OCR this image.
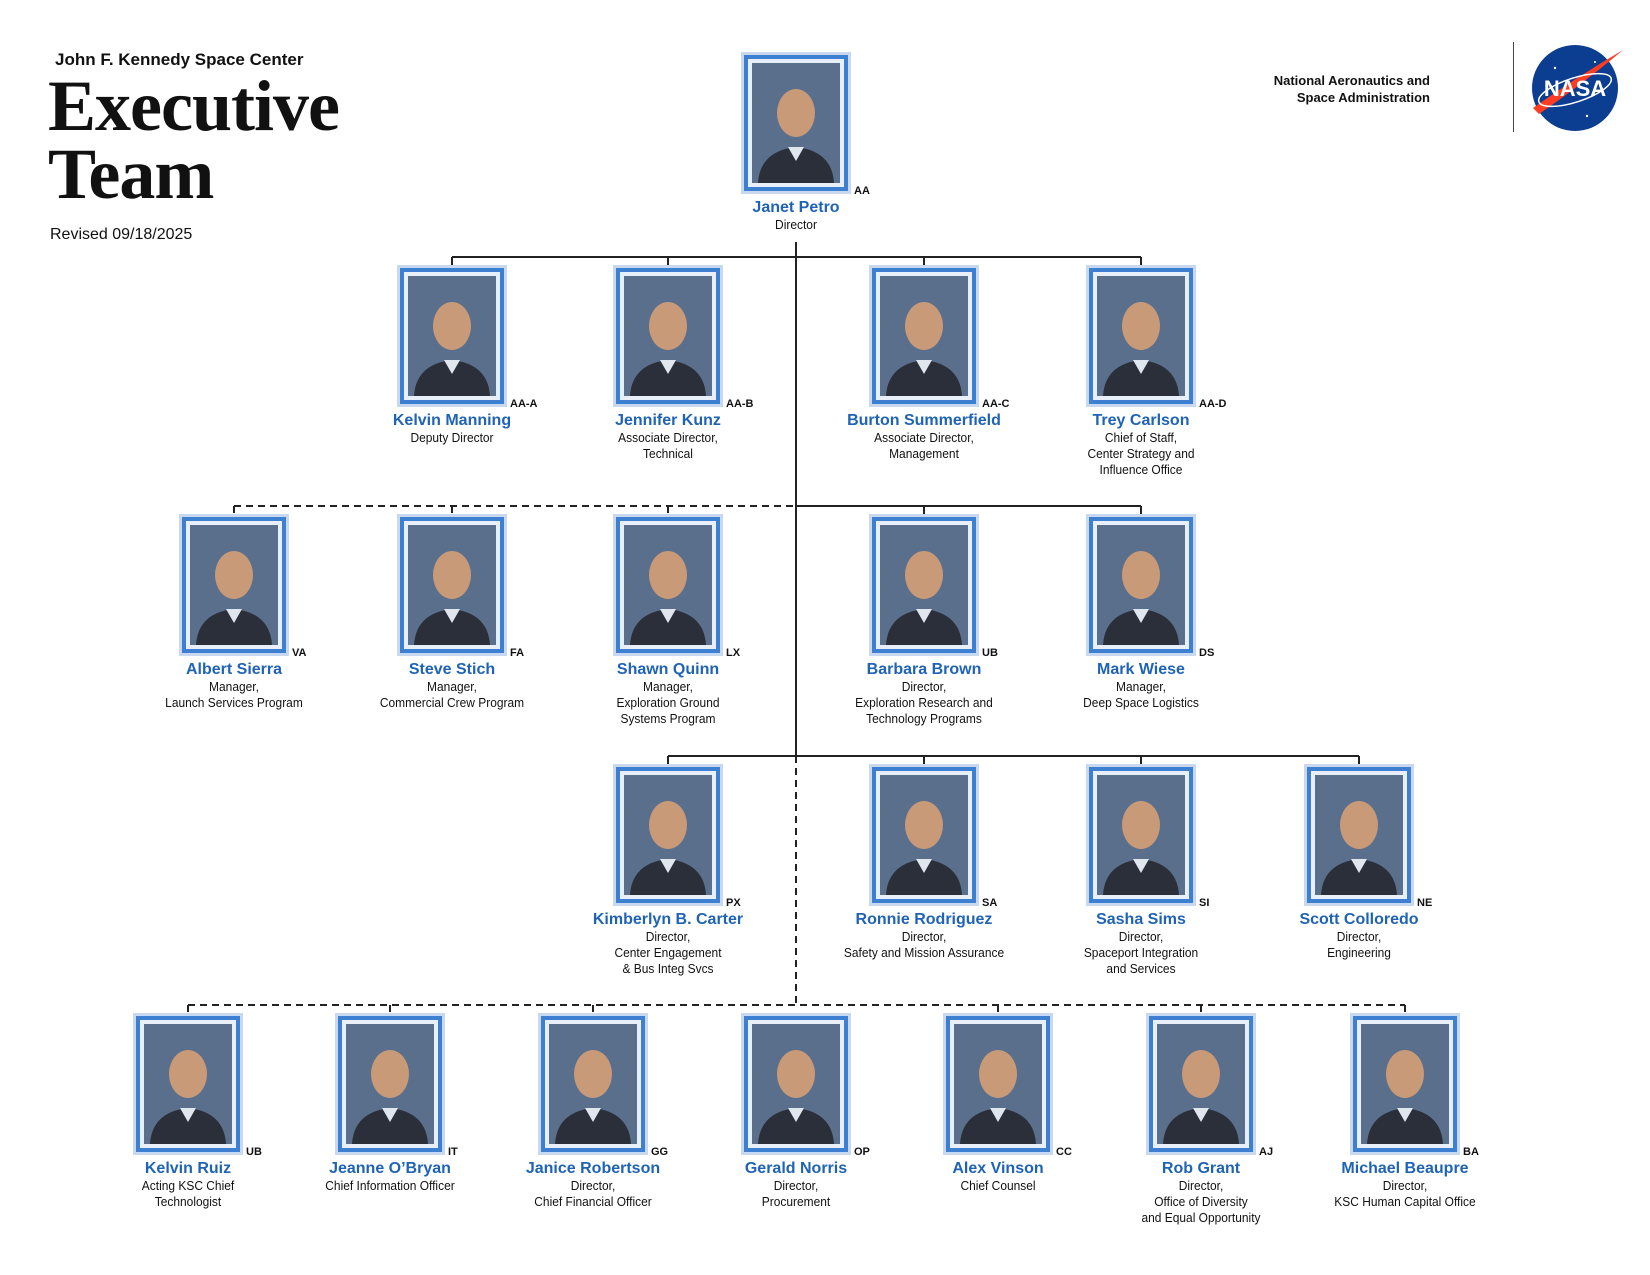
John F. Kennedy Space Center
Executive
Team
Revised 09/18/2025
National Aeronautics and
Space Administration	NASA
AA
Janet Petro
Director
AA-A
Kelvin Manning
Deputy Director
AA-B
Jennifer Kunz
Associate Director,
Technical
AA-C
Burton Summerfield
Associate Director,
Management
AA-D
Trey Carlson
Chief of Staff,
Center Strategy and
Influence Office
VA
Albert Sierra
Manager,
Launch Services Program
FA
Steve Stich
Manager,
Commercial Crew Program
LX
Shawn Quinn
Manager,
Exploration Ground
Systems Program
UB
Barbara Brown
Director,
Exploration Research and
Technology Programs
DS
Mark Wiese
Manager,
Deep Space Logistics
PX
Kimberlyn B. Carter
Director,
Center Engagement
& Bus Integ Svcs
SA
Ronnie Rodriguez
Director,
Safety and Mission Assurance
SI
Sasha Sims
Director,
Spaceport Integration
and Services
NE
Scott Colloredo
Director,
Engineering
UB
Kelvin Ruiz
Acting KSC Chief
Technologist
IT
Jeanne O’Bryan
Chief Information Officer
GG
Janice Robertson
Director,
Chief Financial Officer
OP
Gerald Norris
Director,
Procurement
CC
Alex Vinson
Chief Counsel
AJ
Rob Grant
Director,
Office of Diversity
and Equal Opportunity
BA
Michael Beaupre
Director,
KSC Human Capital Office
